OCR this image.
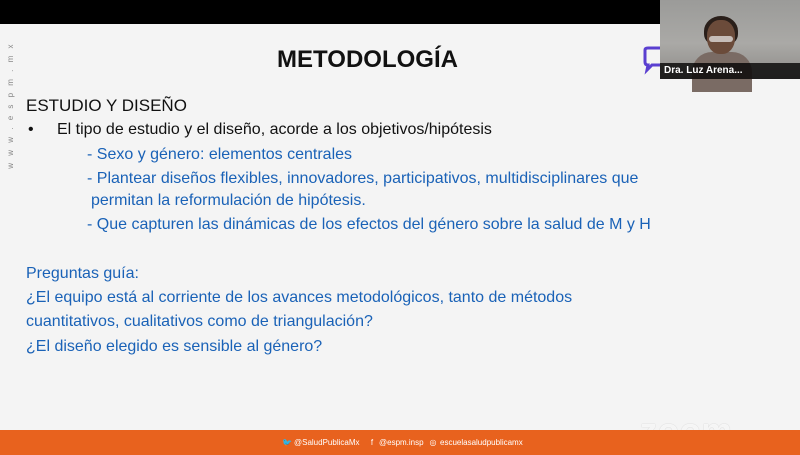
w w w . e s p m . m x	METODOLOGÍA
ESTUDIO Y DISEÑO
• El tipo de estudio y el diseño, acorde a los objetivos/hipótesis
- Sexo y género: elementos centrales
- Plantear diseños flexibles, innovadores, participativos, multidisciplinares que
permitan la reformulación de hipótesis.
- Que capturen las dinámicas de los efectos del género sobre la salud de M y H
Preguntas guía:
¿El equipo está al corriente de los avances metodológicos, tanto de métodos
cuantitativos, cualitativos como de triangulación?
¿El diseño elegido es sensible al género?
Dra. Luz Arena...
🐦 @SaludPublicaMx	f @espm.insp ◎ escuelasaludpublicamx
